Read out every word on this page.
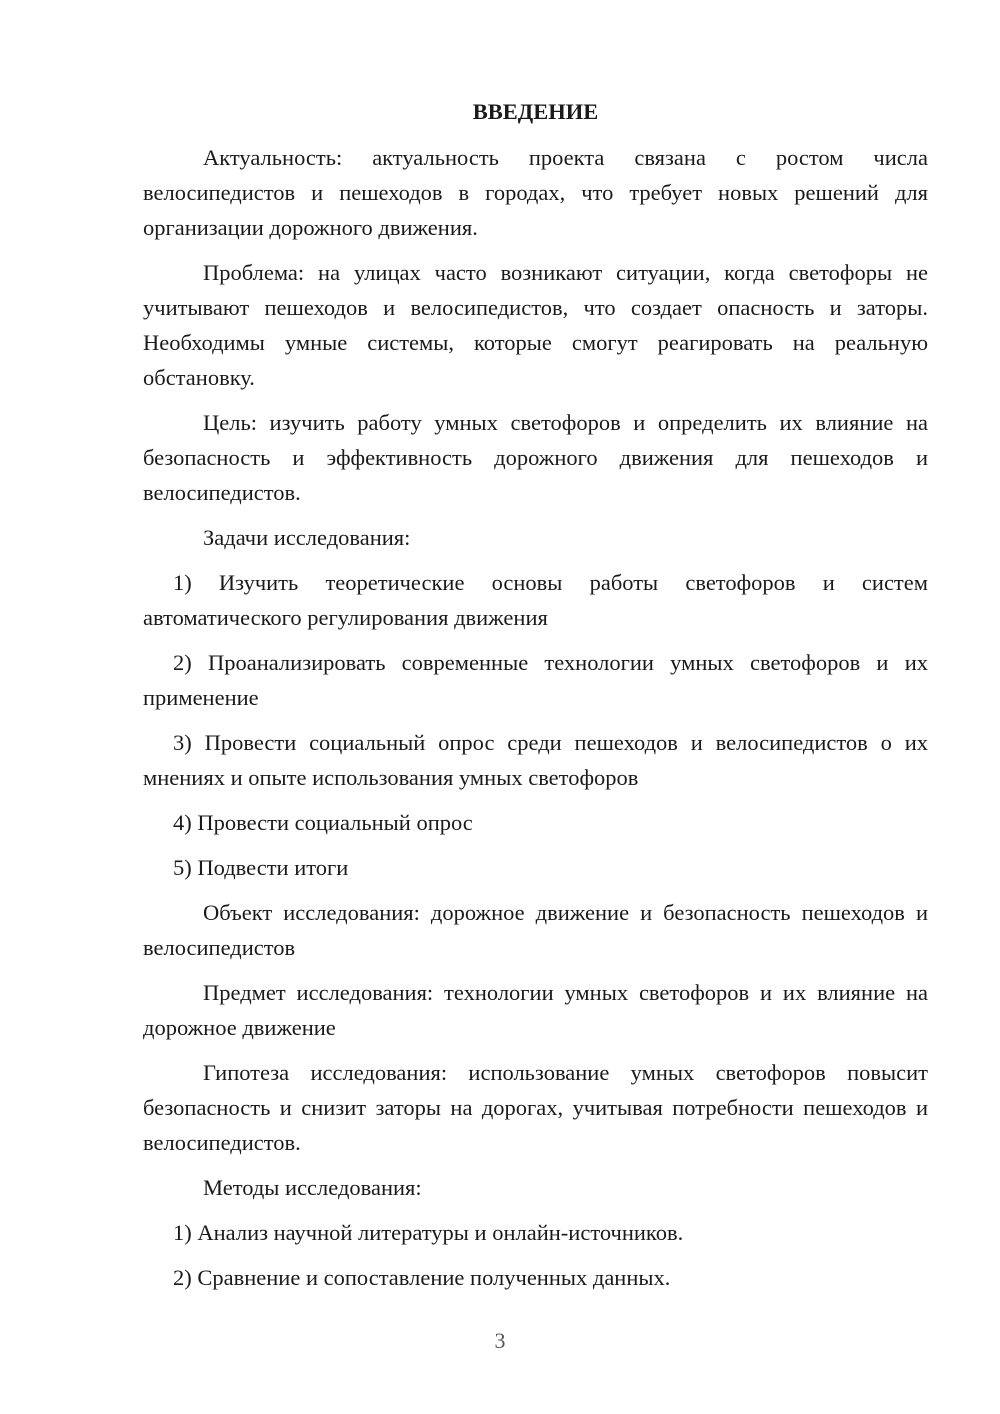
ВВЕДЕНИЕ

Актуальность: актуальность проекта связана с ростом числа велосипедистов и пешеходов в городах, что требует новых решений для организации дорожного движения.

Проблема: на улицах часто возникают ситуации, когда светофоры не учитывают пешеходов и велосипедистов, что создает опасность и заторы. Необходимы умные системы, которые смогут реагировать на реальную обстановку.

Цель: изучить работу умных светофоров и определить их влияние на безопасность и эффективность дорожного движения для пешеходов и велосипедистов.

Задачи исследования:

1) Изучить теоретические основы работы светофоров и систем автоматического регулирования движения

2) Проанализировать современные технологии умных светофоров и их применение

3) Провести социальный опрос среди пешеходов и велосипедистов о их мнениях и опыте использования умных светофоров

4) Провести социальный опрос

5) Подвести итоги

Объект исследования: дорожное движение и безопасность пешеходов и велосипедистов

Предмет исследования: технологии умных светофоров и их влияние на дорожное движение

Гипотеза исследования: использование умных светофоров повысит безопасность и снизит заторы на дорогах, учитывая потребности пешеходов и велосипедистов.

Методы исследования:

1) Анализ научной литературы и онлайн-источников.

2) Сравнение и сопоставление полученных данных.

3
